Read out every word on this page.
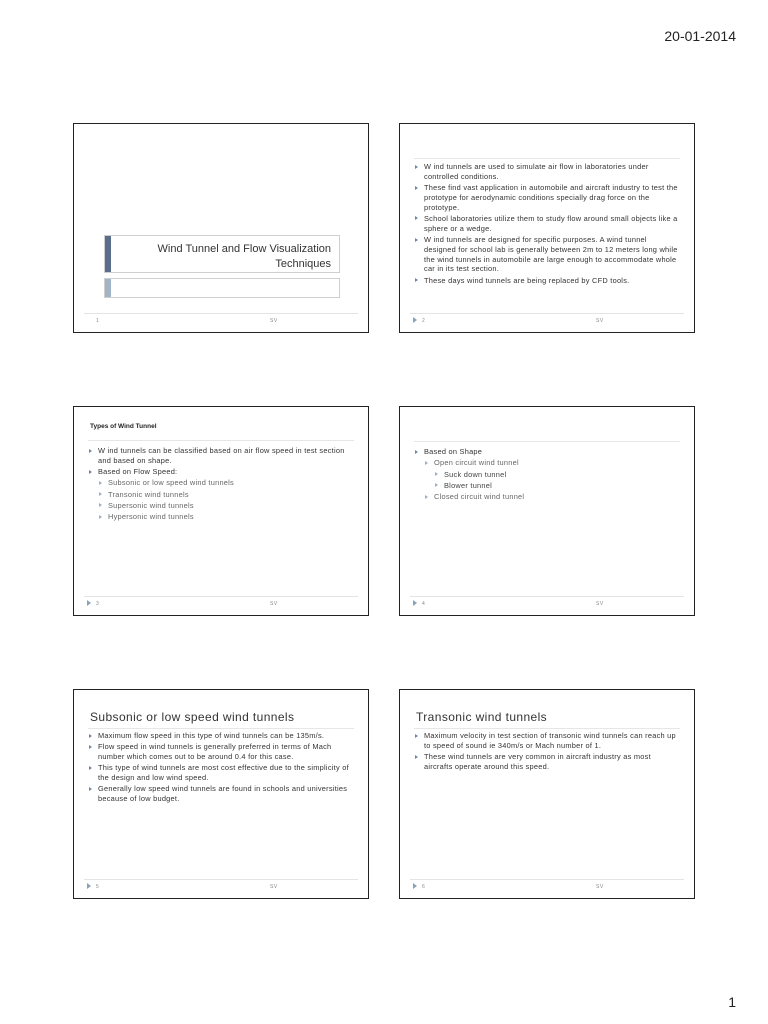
20-01-2014
Wind Tunnel and Flow Visualization
Techniques
1	SV
W ind tunnels are used to simulate air flow in laboratories under controlled conditions.
These find vast application in automobile and aircraft industry to test the prototype for aerodynamic conditions specially drag force on the prototype.
School laboratories utilize them to study flow around small objects like a sphere or a wedge.
W ind tunnels are designed for specific purposes. A wind tunnel designed for school lab is generally between 2m to 12 meters long while the wind tunnels in automobile are large enough to accommodate whole car in its test section.
These days wind tunnels are being replaced by CFD tools.
2	SV
Types of Wind Tunnel
W ind tunnels can be classified based on air flow speed in test section and based on shape.
Based on Flow Speed:
Subsonic or low speed wind tunnels
Transonic wind tunnels
Supersonic wind tunnels
Hypersonic wind tunnels
3	SV
Based on Shape
Open circuit wind tunnel
Suck down tunnel
Blower tunnel
Closed circuit wind tunnel
4	SV
Subsonic or low speed wind tunnels
Maximum flow speed in this type of wind tunnels can be 135m/s.
Flow speed in wind tunnels is generally preferred in terms of Mach number which comes out to be around 0.4 for this case.
This type of wind tunnels are most cost effective due to the simplicity of the design and low wind speed.
Generally low speed wind tunnels are found in schools and universities because of low budget.
5	SV
Transonic wind tunnels
Maximum velocity in test section of transonic wind tunnels can reach up to speed of sound ie 340m/s or Mach number of 1.
These wind tunnels are very common in aircraft industry as most aircrafts operate around this speed.
6	SV
1
